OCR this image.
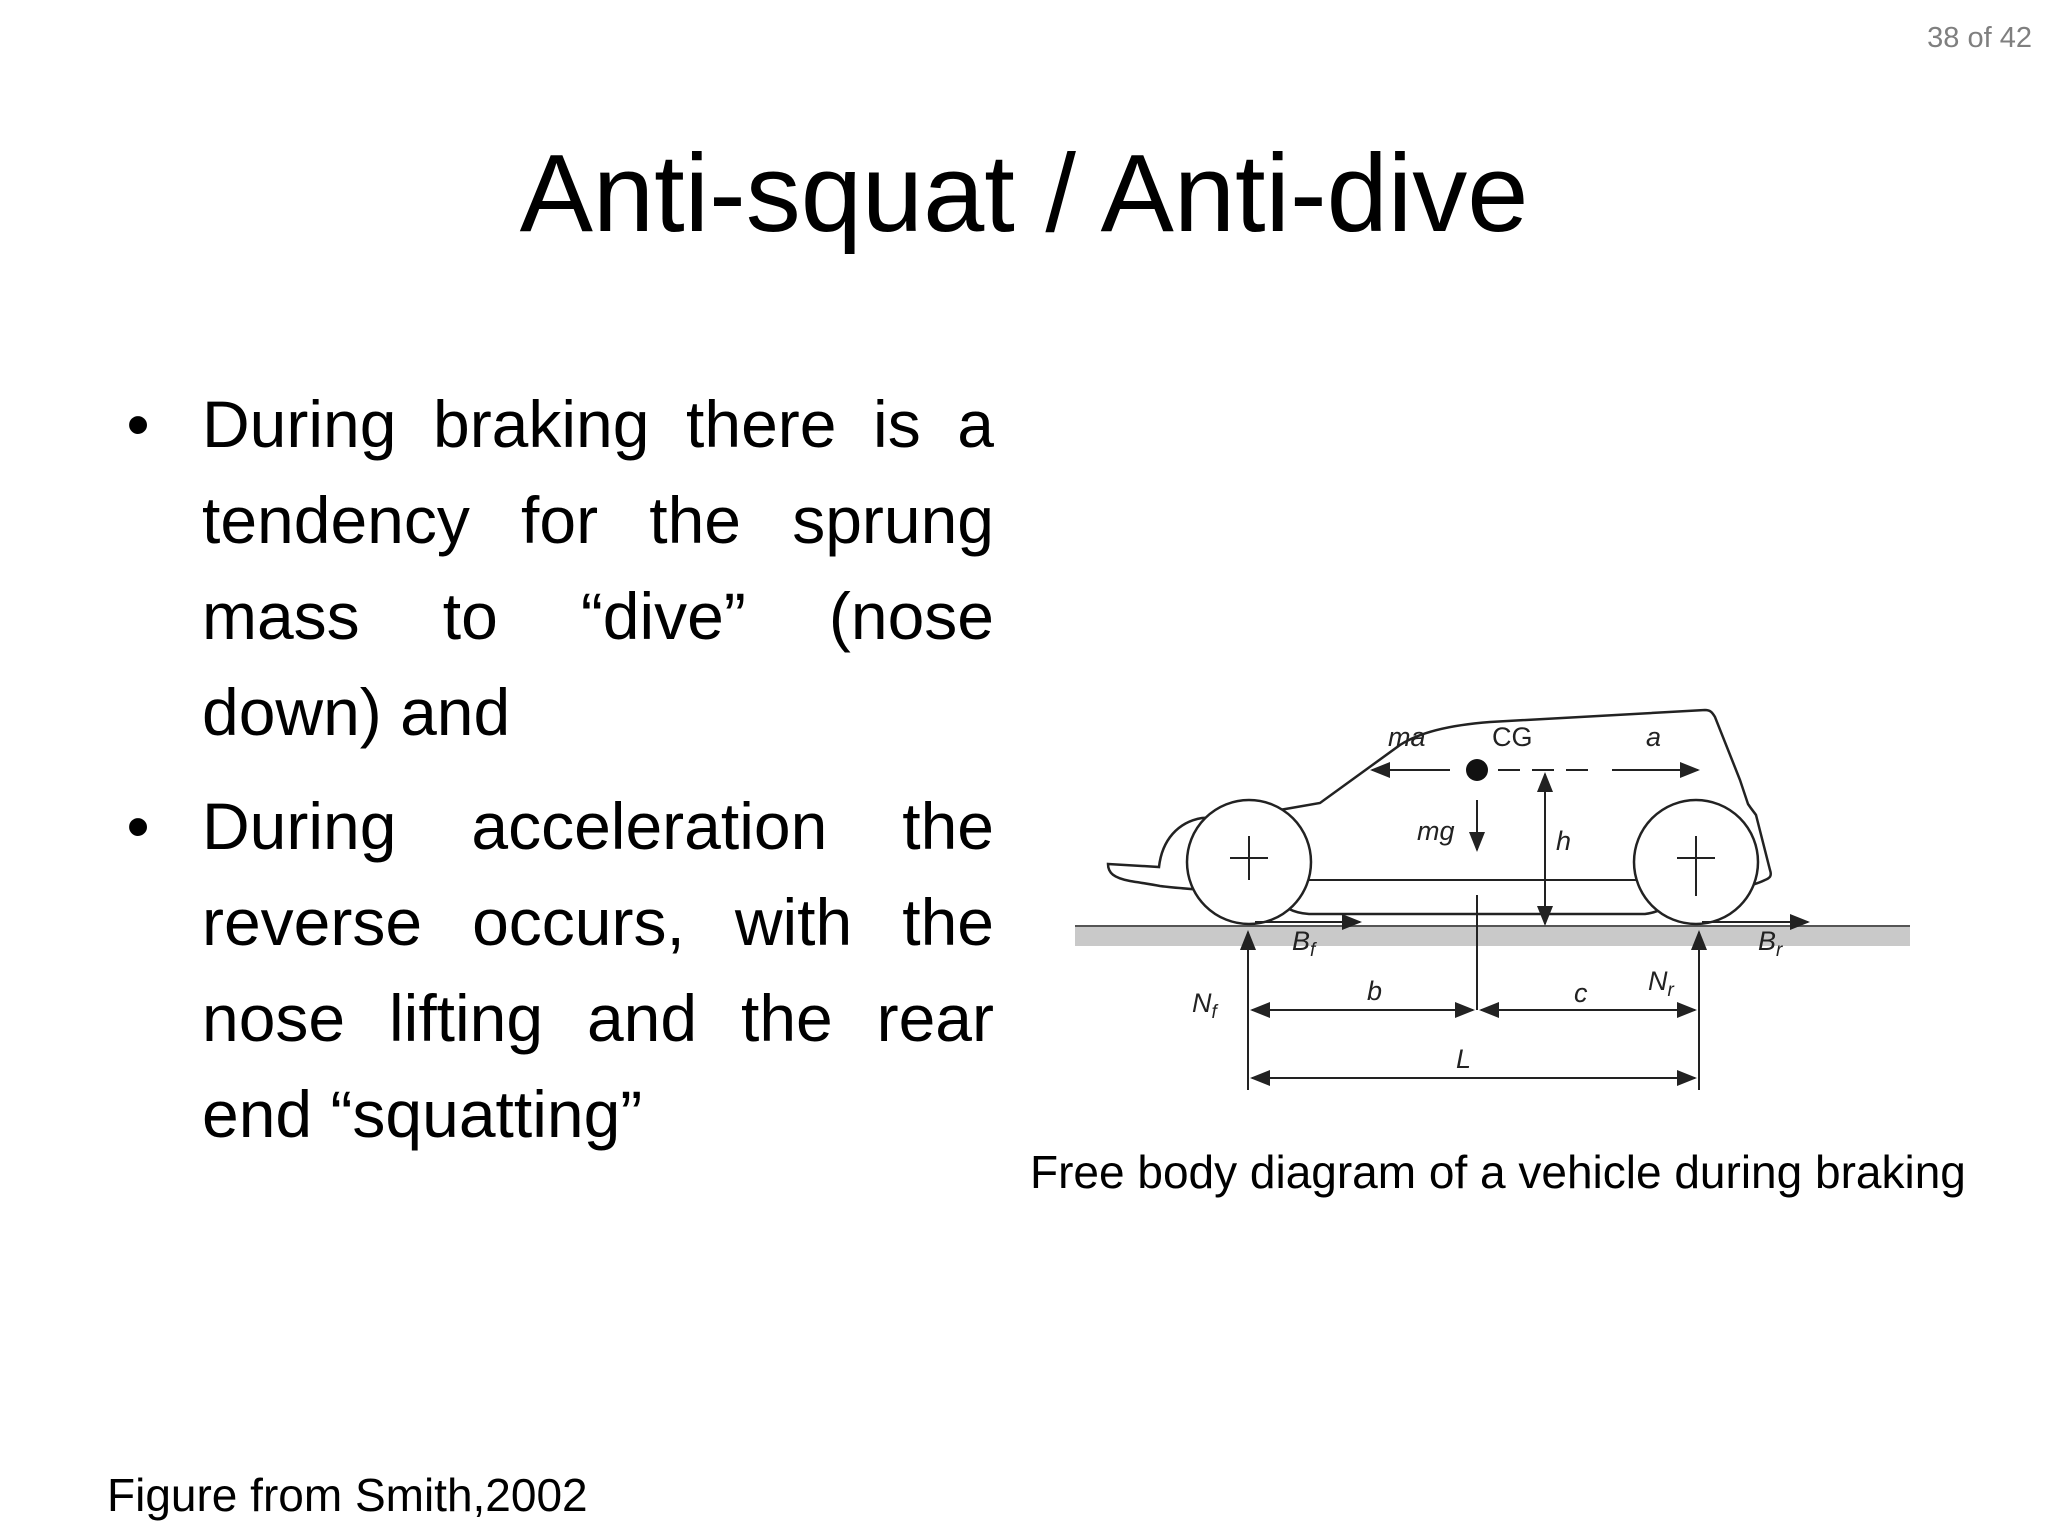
38 of 42
Anti-squat / Anti-dive
• During braking there is a tendency for the sprung mass to “dive” (nose down) and
• During acceleration the reverse occurs, with the nose lifting and the rear end “squatting”
ma CG	a
mg	h
$B_f$	$B_r$
$N_f$
$N_r$
b	c
L
Free body diagram of a vehicle during braking
Figure from Smith,2002
